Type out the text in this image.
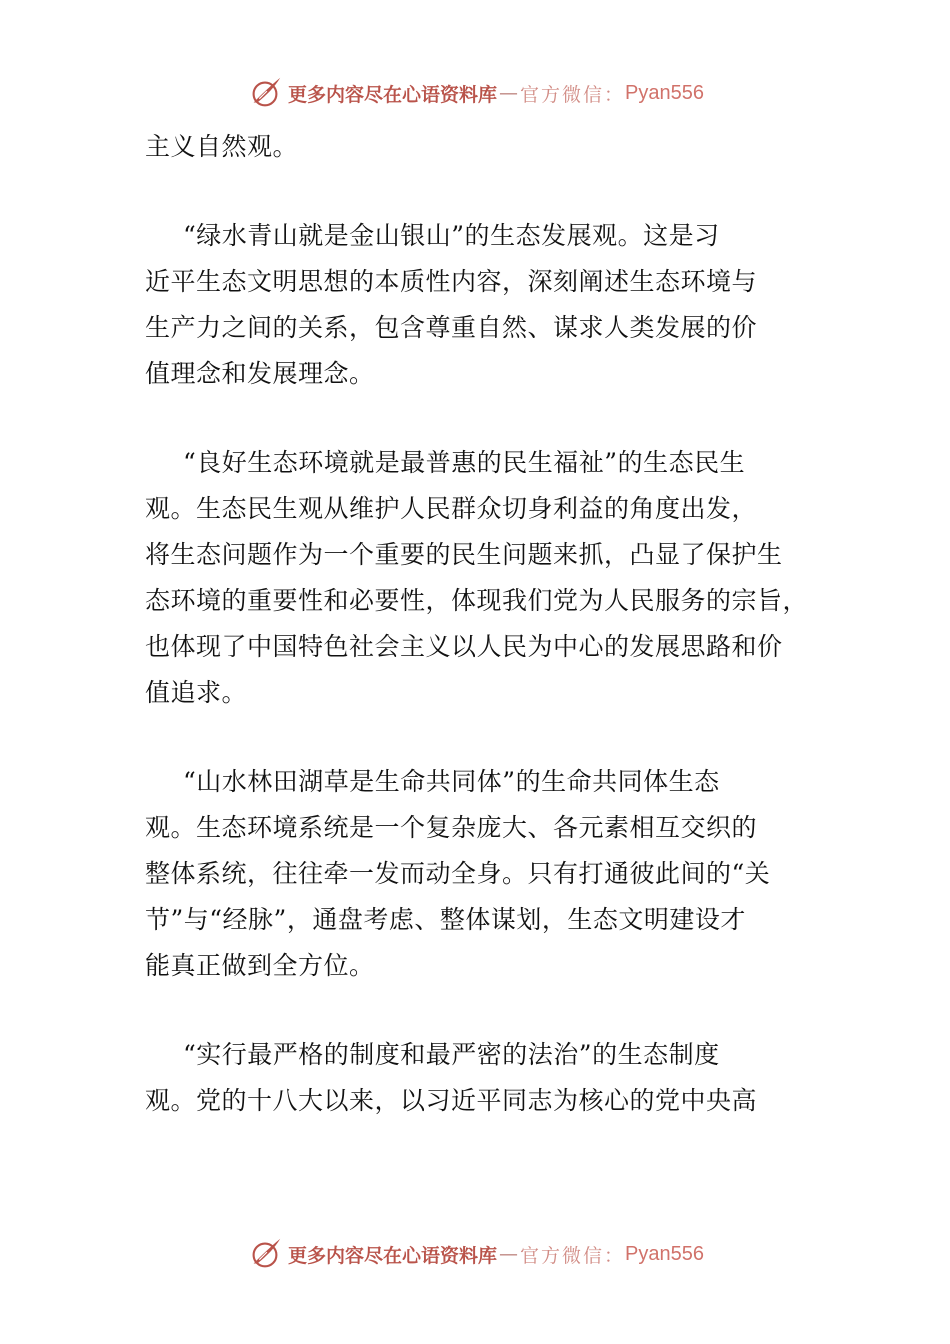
更多内容尽在心语资料库 — 官方微信： Pyan556
主义自然观。
“绿水青山就是金山银山”的生态发展观。这是习
近平生态文明思想的本质性内容，深刻阐述生态环境与
生产力之间的关系，包含尊重自然、谋求人类发展的价
值理念和发展理念。
“良好生态环境就是最普惠的民生福祉”的生态民生
观。生态民生观从维护人民群众切身利益的角度出发，
将生态问题作为一个重要的民生问题来抓，凸显了保护生
态环境的重要性和必要性，体现我们党为人民服务的宗旨，
也体现了中国特色社会主义以人民为中心的发展思路和价
值追求。
“山水林田湖草是生命共同体”的生命共同体生态
观。生态环境系统是一个复杂庞大、各元素相互交织的
整体系统，往往牵一发而动全身。只有打通彼此间的“关
节”与“经脉”，通盘考虑、整体谋划，生态文明建设才
能真正做到全方位。
“实行最严格的制度和最严密的法治”的生态制度
观。党的十八大以来，以习近平同志为核心的党中央高
更多内容尽在心语资料库 — 官方微信： Pyan556
